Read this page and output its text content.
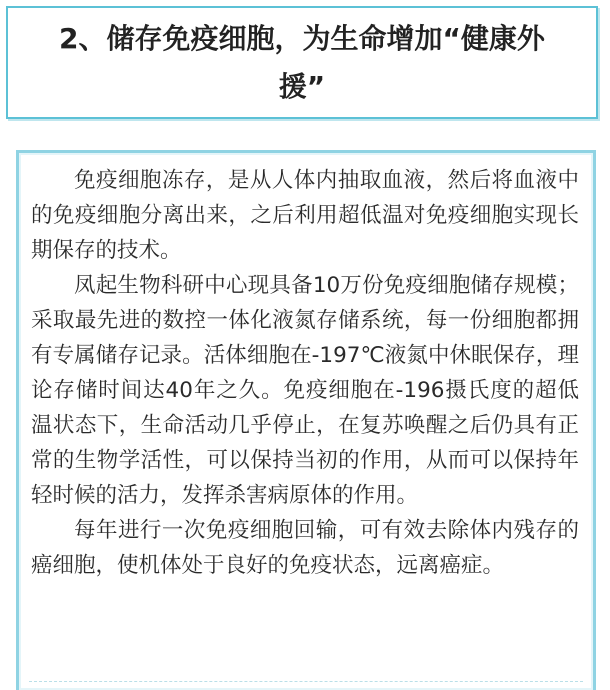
2、储存免疫细胞，为生命增加“健康外援”

免疫细胞冻存，是从人体内抽取血液，然后将血液中的免疫细胞分离出来，之后利用超低温对免疫细胞实现长期保存的技术。

凤起生物科研中心现具备10万份免疫细胞储存规模；采取最先进的数控一体化液氮存储系统，每一份细胞都拥有专属储存记录。活体细胞在-197℃液氮中休眠保存，理论存储时间达40年之久。免疫细胞在-196摄氏度的超低温状态下，生命活动几乎停止，在复苏唤醒之后仍具有正常的生物学活性，可以保持当初的作用，从而可以保持年轻时候的活力，发挥杀害病原体的作用。

每年进行一次免疫细胞回输，可有效去除体内残存的癌细胞，使机体处于良好的免疫状态，远离癌症。
